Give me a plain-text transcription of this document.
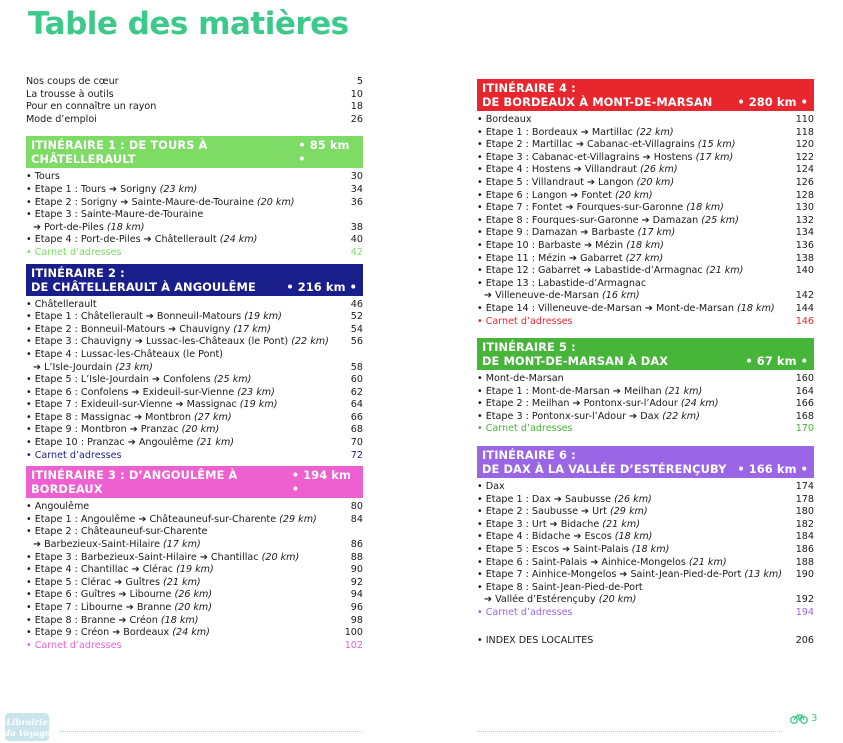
Table des matières
Nos coups de cœur	5
La trousse à outils	10
Pour en connaître un rayon	18
Mode d’emploi	26
ITINÉRAIRE 1 : DE TOURS À CHÂTELLERAULT
• 85 km •
• Tours	30
• Étape 1 : Tours ➔ Sorigny (23 km)	34
• Étape 2 : Sorigny ➔ Sainte-Maure-de-Touraine (20 km)	36
• Étape 3 : Sainte-Maure-de-Touraine
➔ Port-de-Piles (18 km)	38
• Étape 4 : Port-de-Piles ➔ Châtellerault (24 km)	40
• Carnet d’adresses	42
ITINÉRAIRE 2 :
DE CHÂTELLERAULT À ANGOULÊME	• 216 km •
• Châtellerault	46
• Étape 1 : Châtellerault ➔ Bonneuil-Matours (19 km)	52
• Étape 2 : Bonneuil-Matours ➔ Chauvigny (17 km)	54
• Étape 3 : Chauvigny ➔ Lussac-les-Châteaux (le Pont) (22 km)	56
• Étape 4 : Lussac-les-Châteaux (le Pont)
➔ L’Isle-Jourdain (23 km)	58
• Étape 5 : L’Isle-Jourdain ➔ Confolens (25 km)	60
• Étape 6 : Confolens ➔ Exideuil-sur-Vienne (23 km)	62
• Étape 7 : Exideuil-sur-Vienne ➔ Massignac (19 km)	64
• Étape 8 : Massignac ➔ Montbron (27 km)	66
• Étape 9 : Montbron ➔ Pranzac (20 km)	68
• Étape 10 : Pranzac ➔ Angoulême (21 km)	70
• Carnet d’adresses	72
ITINÉRAIRE 3 : D’ANGOULÊME À BORDEAUX
• 194 km •
• Angoulême	80
• Étape 1 : Angoulême ➔ Châteauneuf-sur-Charente (29 km)	84
• Étape 2 : Châteauneuf-sur-Charente
➔ Barbezieux-Saint-Hilaire (17 km)	86
• Étape 3 : Barbezieux-Saint-Hilaire ➔ Chantillac (20 km)	88
• Étape 4 : Chantillac ➔ Clérac (19 km)	90
• Étape 5 : Clérac ➔ Guîtres (21 km)	92
• Étape 6 : Guîtres ➔ Libourne (26 km)	94
• Étape 7 : Libourne ➔ Branne (20 km)	96
• Étape 8 : Branne ➔ Créon (18 km)	98
• Étape 9 : Créon ➔ Bordeaux (24 km)	100
• Carnet d’adresses	102
ITINÉRAIRE 4 :
DE BORDEAUX À MONT-DE-MARSAN • 280 km •
• Bordeaux	110
• Étape 1 : Bordeaux ➔ Martillac (22 km)	118
• Étape 2 : Martillac ➔ Cabanac-et-Villagrains (15 km)	120
• Étape 3 : Cabanac-et-Villagrains ➔ Hostens (17 km)	122
• Étape 4 : Hostens ➔ Villandraut (26 km)	124
• Étape 5 : Villandraut ➔ Langon (20 km)	126
• Étape 6 : Langon ➔ Fontet (20 km)	128
• Étape 7 : Fontet ➔ Fourques-sur-Garonne (18 km)	130
• Étape 8 : Fourques-sur-Garonne ➔ Damazan (25 km)	132
• Étape 9 : Damazan ➔ Barbaste (17 km)	134
• Étape 10 : Barbaste ➔ Mézin (18 km)	136
• Étape 11 : Mézin ➔ Gabarret (27 km)	138
• Étape 12 : Gabarret ➔ Labastide-d’Armagnac (21 km)	140
• Étape 13 : Labastide-d’Armagnac
➔ Villeneuve-de-Marsan (16 km)	142
• Étape 14 : Villeneuve-de-Marsan ➔ Mont-de-Marsan (18 km)	144
• Carnet d’adresses	146
ITINÉRAIRE 5 :
DE MONT-DE-MARSAN À DAX	• 67 km •
• Mont-de-Marsan	160
• Étape 1 : Mont-de-Marsan ➔ Meilhan (21 km)	164
• Étape 2 : Meilhan ➔ Pontonx-sur-l’Adour (24 km)	166
• Étape 3 : Pontonx-sur-l’Adour ➔ Dax (22 km)	168
• Carnet d’adresses	170
ITINÉRAIRE 6 :
DE DAX À LA VALLÉE D’ESTÉRENÇUBY • 166 km •
• Dax	174
• Étape 1 : Dax ➔ Saubusse (26 km)	178
• Étape 2 : Saubusse ➔ Urt (29 km)	180
• Étape 3 : Urt ➔ Bidache (21 km)	182
• Étape 4 : Bidache ➔ Escos (18 km)	184
• Étape 5 : Escos ➔ Saint-Palais (18 km)	186
• Étape 6 : Saint-Palais ➔ Ainhice-Mongelos (21 km)	188
• Étape 7 : Ainhice-Mongelos ➔ Saint-Jean-Pied-de-Port (13 km)	190
• Étape 8 : Saint-Jean-Pied-de-Port
➔ Vallée d’Estérençuby (20 km)	192
• Carnet d’adresses	194
• INDEX DES LOCALITÉS	206
Librairie
du Voyage
3
